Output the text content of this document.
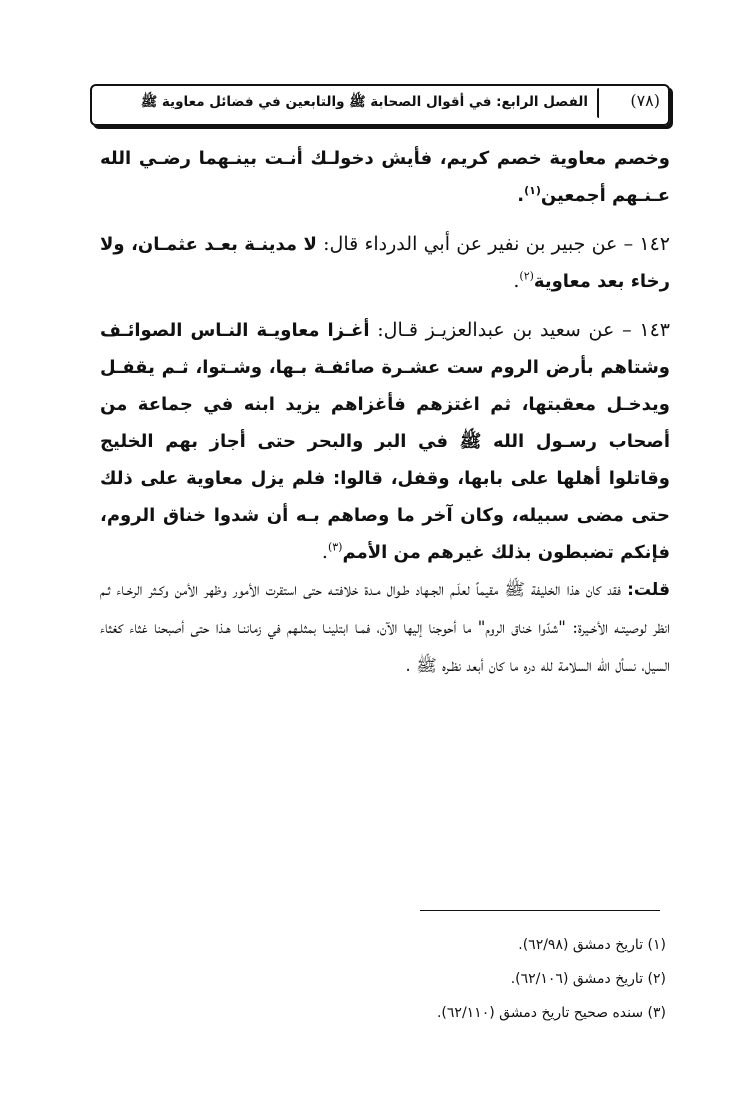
الفصل الرابع: في أقوال الصحابة ﷺ والتابعين في فضائل معاوية ﷺ	(٧٨)

وخصم معاوية خصم كريم، فأيش دخولـك أنـت بينـهما رضـي الله عـنـهم أجمعين$^{(١)}$.

١٤٢ – عن جبير بن نفير عن أبي الدرداء قال: لا مدينـة بعـد عثمـان، ولا رخاء بعد معاوية$^{(٢)}$.

١٤٣ – عن سعيد بن عبدالعزيـز قـال: أغـزا معاويـة النـاس الصوائـف وشتاهم بأرض الروم ست عشـرة صائفـة بـها، وشـتوا، ثـم يقفـل ويدخـل معقبتها، ثم اغتزهم فأغزاهم يزيد ابنه في جماعة من أصحاب رسـول الله ﷺ في البر والبحر حتى أجاز بهم الخليج وقاتلوا أهلها على بابها، وقفل، قالوا: فلم يزل معاوية على ذلك حتى مضى سبيله، وكان آخر ما وصاهم بـه أن شدوا خناق الروم، فإنكم تضبطون بذلك غيرهم من الأمم$^{(٣)}$.

قلت: فقد كان هذا الخليفة ﷺ مقيماً لعلَـم الجـهاد طـوال مـدة خلافتـه حتى استقرت الأمور وظهر الأمن وكـثر الرخـاء ثـم انظر لوصيتـه الأخـيرة: "شدّوا خناق الروم" ما أحوجنا إليها الآن، فمـا ابتلينـا بمثلـهم في زماننـا هـذا حتى أصبحنا غثاء كغثاء السيل، نسأل الله السلامة لله دره ما كان أبعد نظـره ﷺ .

(١) تاريخ دمشق (٦٢/٩٨).
(٢) تاريخ دمشق (٦٢/١٠٦).
(٣) سنده صحيح تاريخ دمشق (٦٢/١١٠).
